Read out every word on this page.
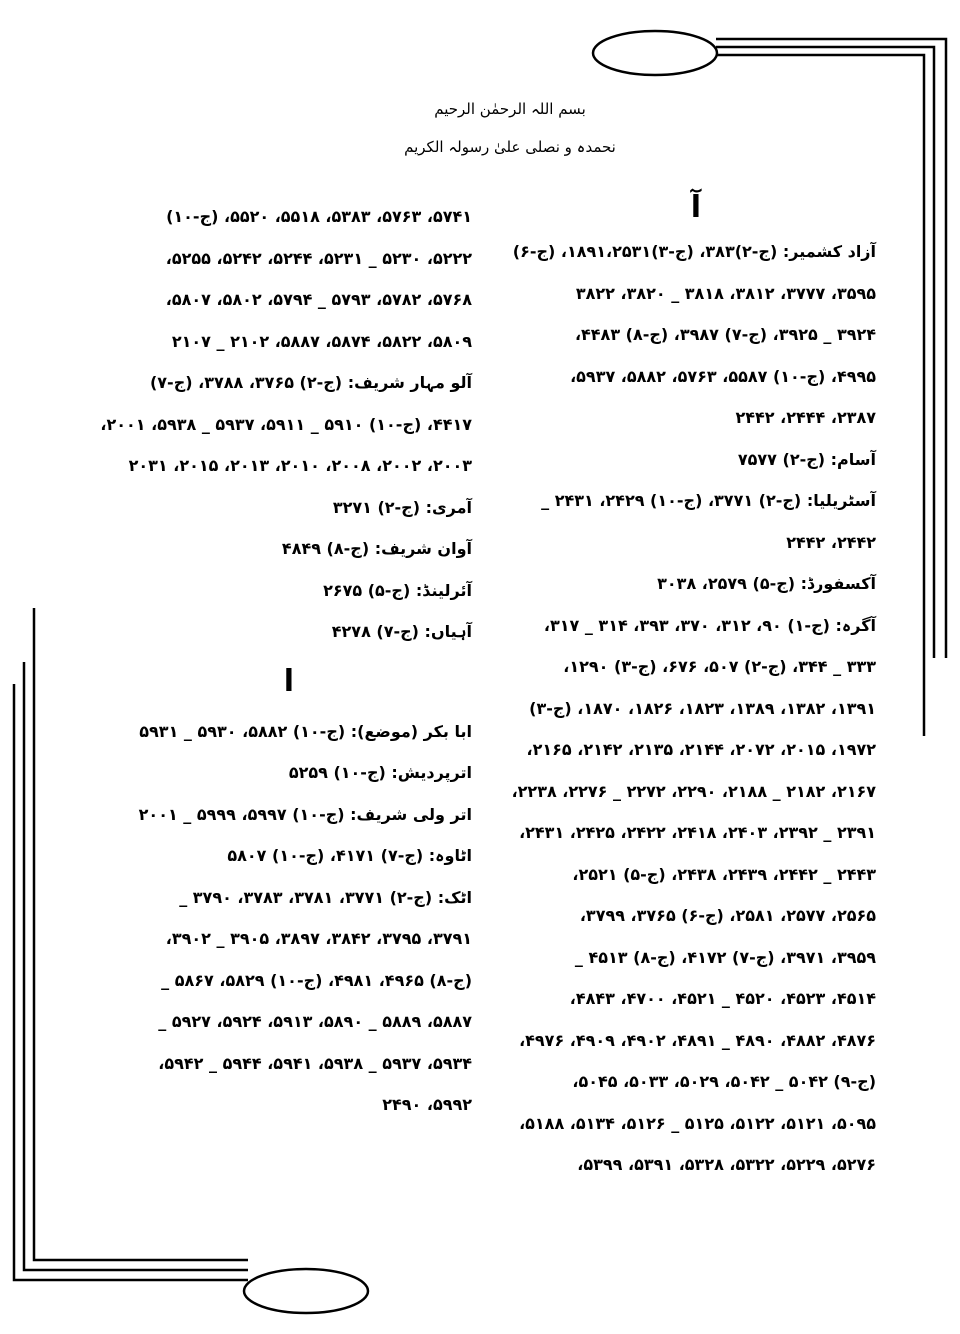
بسم اللہ الرحمٰن الرحیم
نحمدہ و نصلی علیٰ رسولہ الکریم
آ
آزاد کشمیر: (ج-۲)۳۸۳، (ج-۳)۱۸۹۱،۲۵۳۱، (ج-۶)
۳۵۹۵، ۳۷۷۷، ۳۸۱۲، ۳۸۱۸ _ ۳۸۲۰، ۳۸۲۲
۳۹۲۴ _ ۳۹۲۵، (ج-۷) ۳۹۸۷، (ج-۸) ۴۴۸۳،
۴۹۹۵، (ج-۱۰) ۵۵۸۷، ۵۷۶۳، ۵۸۸۲، ۵۹۳۷،
۲۳۸۷، ۲۴۴۴، ۲۴۴۲
آسام: (ج-۲) ۷۵۷۷
آسٹریلیا: (ج-۲) ۳۷۷۱، (ج-۱۰) ۲۴۲۹، ۲۴۳۱ _
۲۴۴۲، ۲۴۴۲
آکسفورڈ: (ج-۵) ۲۵۷۹، ۳۰۳۸
آگرہ: (ج-۱) ۹۰، ۳۱۲، ۳۷۰، ۳۹۳، ۳۱۴ _ ۳۱۷،
۳۳۳ _ ۳۴۴، (ج-۲) ۵۰۷، ۶۷۶، (ج-۳) ۱۲۹۰،
۱۳۹۱، ۱۳۸۲، ۱۳۸۹، ۱۸۲۳، ۱۸۲۶، ۱۸۷۰، (ج-۳)
۱۹۷۲، ۲۰۱۵، ۲۰۷۲، ۲۱۴۴، ۲۱۳۵، ۲۱۴۲، ۲۱۶۵،
۲۱۶۷، ۲۱۸۲ _ ۲۱۸۸، ۲۲۹۰، ۲۲۷۲ _ ۲۲۷۶، ۲۲۳۸،
۲۳۹۱ _ ۲۳۹۲، ۲۴۰۳، ۲۴۱۸، ۲۴۲۲، ۲۴۲۵، ۲۴۳۱،
۲۴۴۳ _ ۲۴۴۲، ۲۴۳۹، ۲۴۳۸، (ج-۵) ۲۵۲۱،
۲۵۶۵، ۲۵۷۷، ۲۵۸۱، (ج-۶) ۳۷۶۵، ۳۷۹۹،
۳۹۵۹، ۳۹۷۱، (ج-۷) ۴۱۷۲، (ج-۸) ۴۵۱۳ _
۴۵۱۴، ۴۵۲۳، ۴۵۲۰ _ ۴۵۲۱، ۴۷۰۰، ۴۸۴۳،
۴۸۷۶، ۴۸۸۲، ۴۸۹۰ _ ۴۸۹۱، ۴۹۰۲، ۴۹۰۹، ۴۹۷۶،
(ج-۹) ۵۰۴۲ _ ۵۰۴۲، ۵۰۲۹، ۵۰۳۳، ۵۰۴۵،
۵۰۹۵، ۵۱۲۱، ۵۱۲۲، ۵۱۲۵ _ ۵۱۲۶، ۵۱۳۴، ۵۱۸۸،
۵۲۷۶، ۵۲۲۹، ۵۳۲۲، ۵۳۲۸، ۵۳۹۱، ۵۳۹۹،
۵۷۴۱، ۵۷۶۳، ۵۳۸۳، ۵۵۱۸، ۵۵۲۰، (ج-۱۰)
۵۲۲۲، ۵۲۳۰ _ ۵۲۳۱، ۵۲۴۴، ۵۲۴۲، ۵۲۵۵،
۵۷۶۸، ۵۷۸۲، ۵۷۹۳ _ ۵۷۹۴، ۵۸۰۲، ۵۸۰۷،
۵۸۰۹، ۵۸۲۲، ۵۸۷۴، ۵۸۸۷، ۲۱۰۲ _ ۲۱۰۷
آلو مہار شریف: (ج-۲) ۳۷۶۵، ۳۷۸۸، (ج-۷)
۴۴۱۷، (ج-۱۰) ۵۹۱۰ _ ۵۹۱۱، ۵۹۳۷ _ ۵۹۳۸، ۲۰۰۱،
۲۰۰۳، ۲۰۰۲، ۲۰۰۸، ۲۰۱۰، ۲۰۱۳، ۲۰۱۵، ۲۰۳۱
آمری: (ج-۲) ۳۲۷۱
آوان شریف: (ج-۸) ۴۸۴۹
آئرلینڈ: (ج-۵) ۲۶۷۵
آہیاں: (ج-۷) ۴۲۷۸
ا
ابا بکر (موضع): (ج-۱۰) ۵۸۸۲، ۵۹۳۰ _ ۵۹۳۱
اترپردیش: (ج-۱۰) ۵۲۵۹
اتر ولی شریف: (ج-۱۰) ۵۹۹۷، ۵۹۹۹ _ ۲۰۰۱
اٹاوہ: (ج-۷) ۴۱۷۱، (ج-۱۰) ۵۸۰۷
اٹک: (ج-۲) ۳۷۷۱، ۳۷۸۱، ۳۷۸۳، ۳۷۹۰ _
۳۷۹۱، ۳۷۹۵، ۳۸۴۲، ۳۸۹۷، ۳۹۰۵ _ ۳۹۰۲،
(ج-۸) ۴۹۶۵، ۴۹۸۱، (ج-۱۰) ۵۸۲۹، ۵۸۶۷ _
۵۸۸۷، ۵۸۸۹ _ ۵۸۹۰، ۵۹۱۳، ۵۹۲۴، ۵۹۲۷ _
۵۹۳۴، ۵۹۳۷ _ ۵۹۳۸، ۵۹۴۱، ۵۹۴۴ _ ۵۹۴۲،
۵۹۹۲، ۲۴۹۰
